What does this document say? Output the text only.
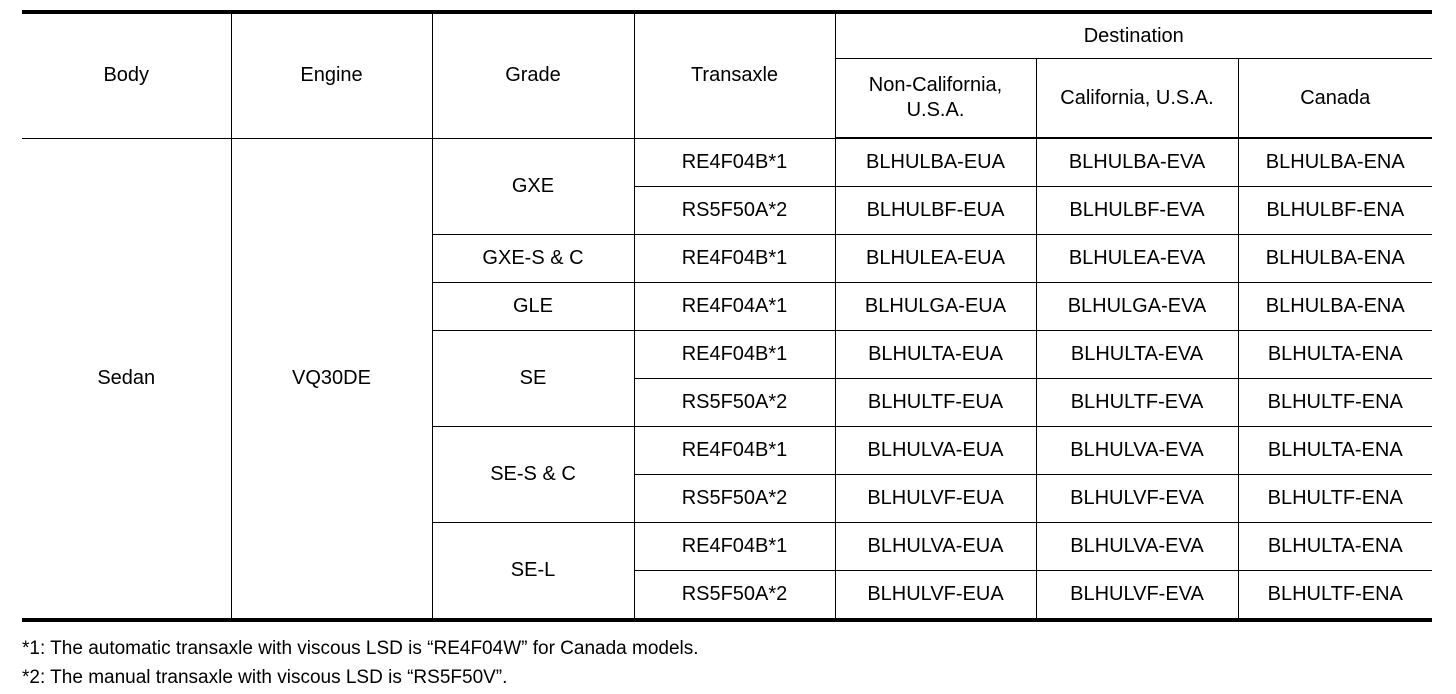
Body	Engine	Grade	Transaxle	Destination		
				Non-California, U.S.A.	California, U.S.A.	Canada
Sedan	VQ30DE	GXE	RE4F04B*1	BLHULBA-EUA	BLHULBA-EVA	BLHULBA-ENA
			RS5F50A*2	BLHULBF-EUA	BLHULBF-EVA	BLHULBF-ENA
		GXE-S & C	RE4F04B*1	BLHULEA-EUA	BLHULEA-EVA	BLHULBA-ENA
		GLE	RE4F04A*1	BLHULGA-EUA	BLHULGA-EVA	BLHULBA-ENA
		SE	RE4F04B*1	BLHULTA-EUA	BLHULTA-EVA	BLHULTA-ENA
			RS5F50A*2	BLHULTF-EUA	BLHULTF-EVA	BLHULTF-ENA
		SE-S & C	RE4F04B*1	BLHULVA-EUA	BLHULVA-EVA	BLHULTA-ENA
			RS5F50A*2	BLHULVF-EUA	BLHULVF-EVA	BLHULTF-ENA
		SE-L	RE4F04B*1	BLHULVA-EUA	BLHULVA-EVA	BLHULTA-ENA
			RS5F50A*2	BLHULVF-EUA	BLHULVF-EVA	BLHULTF-ENA
*1: The automatic transaxle with viscous LSD is “RE4F04W” for Canada models.
*2: The manual transaxle with viscous LSD is “RS5F50V”.
